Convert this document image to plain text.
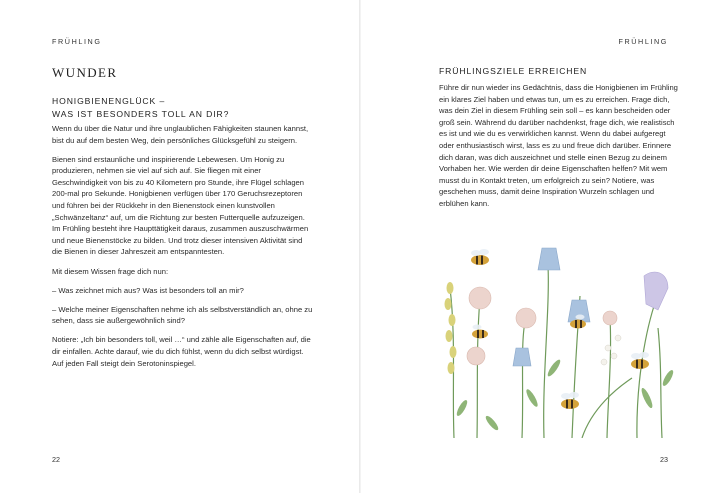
FRÜHLING
WUNDER
HONIGBIENENGLÜCK –
WAS IST BESONDERS TOLL AN DIR?

Wenn du über die Natur und ihre unglaublichen Fähigkeiten staunen kannst, bist du auf dem besten Weg, dein persönliches Glücksgefühl zu steigern.

Bienen sind erstaunliche und inspirierende Lebewesen. Um Honig zu produzieren, nehmen sie viel auf sich auf. Sie fliegen mit einer Geschwindigkeit von bis zu 40 Kilometern pro Stunde, ihre Flügel schlagen 200-mal pro Sekunde. Honigbienen verfügen über 170 Geruchsrezeptoren und führen bei der Rückkehr in den Bienenstock einen kunstvollen „Schwänzeltanz“ auf, um die Richtung zur besten Futterquelle aufzuzeigen. Im Frühling besteht ihre Haupttätigkeit daraus, zusammen auszuschwärmen und neue Bienenstöcke zu bilden. Und trotz dieser intensiven Aktivität sind die Bienen in dieser Jahreszeit am entspanntesten.

Mit diesem Wissen frage dich nun:

– Was zeichnet mich aus? Was ist besonders toll an mir?

– Welche meiner Eigenschaften nehme ich als selbstverständlich an, ohne zu sehen, dass sie außergewöhnlich sind?

Notiere: „Ich bin besonders toll, weil …“ und zähle alle Eigenschaften auf, die dir einfallen. Achte darauf, wie du dich fühlst, wenn du dich selbst würdigst. Auf jeden Fall steigt dein Serotoninspiegel.

22
FRÜHLING
FRÜHLINGSZIELE ERREICHEN

Führe dir nun wieder ins Gedächtnis, dass die Honigbienen im Frühling ein klares Ziel haben und etwas tun, um es zu erreichen. Frage dich, was dein Ziel in diesem Frühling sein soll – es kann bescheiden oder groß sein. Während du darüber nachdenkst, frage dich, wie realistisch es ist und wie du es verwirklichen kannst. Wenn du dabei aufgeregt oder enthusiastisch wirst, lass es zu und freue dich darüber. Erinnere dich daran, was dich auszeichnet und stelle einen Bezug zu deinem Vorhaben her. Wie werden dir deine Eigenschaften helfen? Mit wem musst du in Kontakt treten, um erfolgreich zu sein? Notiere, was geschehen muss, damit deine Inspiration Wurzeln schlagen und erblühen kann.

23
